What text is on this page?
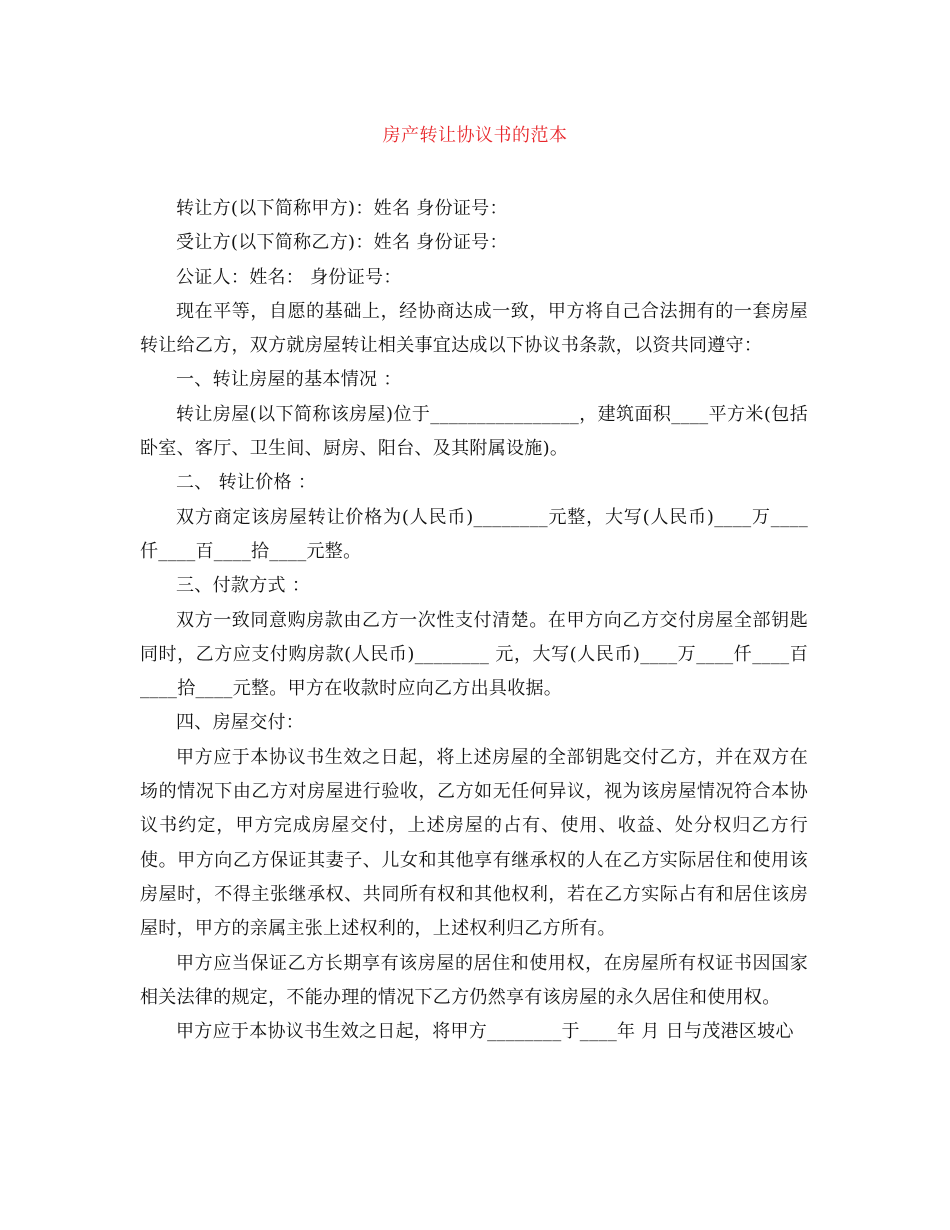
房产转让协议书的范本

转让方(以下简称甲方)：姓名 身份证号：

受让方(以下简称乙方)：姓名 身份证号：

公证人：姓名： 身份证号：

现在平等，自愿的基础上，经协商达成一致，甲方将自己合法拥有的一套房屋转让给乙方，双方就房屋转让相关事宜达成以下协议书条款，以资共同遵守：

一、转让房屋的基本情况 ：

转让房屋(以下简称该房屋)位于________________，建筑面积____平方米(包括卧室、客厅、卫生间、厨房、阳台、及其附属设施)。

二、 转让价格 ：

双方商定该房屋转让价格为(人民币)________元整，大写(人民币)____万____仟____百____拾____元整。

三、付款方式 ：

双方一致同意购房款由乙方一次性支付清楚。在甲方向乙方交付房屋全部钥匙同时，乙方应支付购房款(人民币)________ 元，大写(人民币)____万____仟____百____拾____元整。甲方在收款时应向乙方出具收据。

四、房屋交付：

甲方应于本协议书生效之日起，将上述房屋的全部钥匙交付乙方，并在双方在场的情况下由乙方对房屋进行验收，乙方如无任何异议，视为该房屋情况符合本协议书约定，甲方完成房屋交付，上述房屋的占有、使用、收益、处分权归乙方行使。甲方向乙方保证其妻子、儿女和其他享有继承权的人在乙方实际居住和使用该房屋时，不得主张继承权、共同所有权和其他权利，若在乙方实际占有和居住该房屋时，甲方的亲属主张上述权利的，上述权利归乙方所有。

甲方应当保证乙方长期享有该房屋的居住和使用权，在房屋所有权证书因国家相关法律的规定，不能办理的情况下乙方仍然享有该房屋的永久居住和使用权。

甲方应于本协议书生效之日起，将甲方________于____年 月 日与茂港区坡心
